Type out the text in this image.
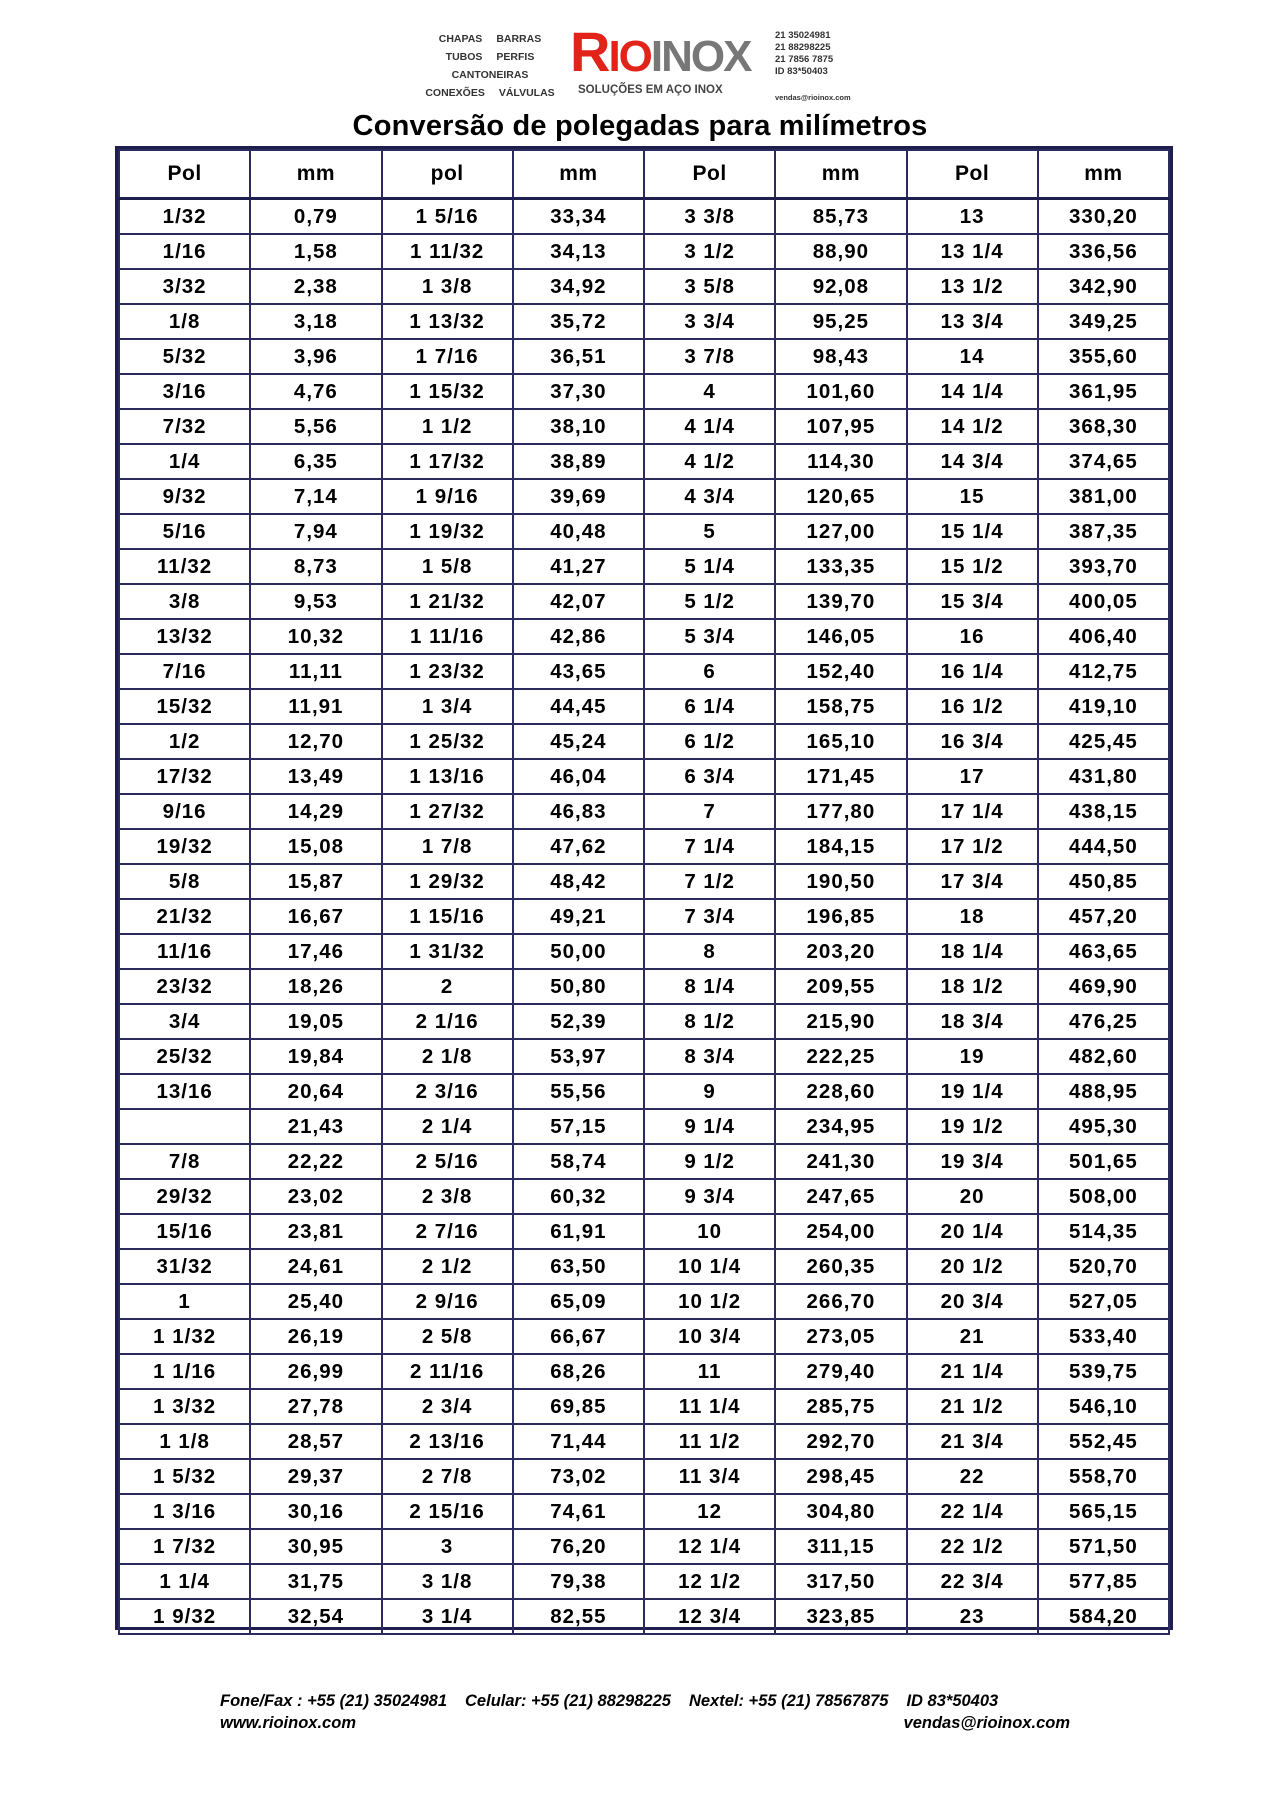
CHAPAS BARRAS
TUBOS PERFIS
CANTONEIRAS
CONEXÕES VÁLVULAS
RIOINOX
SOLUÇÕES EM AÇO INOX
21 35024981
21 88298225
21 7856 7875
ID 83*50403
vendas@rioinox.com
Conversão de polegadas para milímetros
Pol	mm	pol	mm	Pol	mm	Pol	mm
1/32	0,79	1 5/16	33,34	3 3/8	85,73	13	330,20
1/16	1,58	1 11/32	34,13	3 1/2	88,90	13 1/4	336,56
3/32	2,38	1 3/8	34,92	3 5/8	92,08	13 1/2	342,90
1/8	3,18	1 13/32	35,72	3 3/4	95,25	13 3/4	349,25
5/32	3,96	1 7/16	36,51	3 7/8	98,43	14	355,60
3/16	4,76	1 15/32	37,30	4	101,60	14 1/4	361,95
7/32	5,56	1 1/2	38,10	4 1/4	107,95	14 1/2	368,30
1/4	6,35	1 17/32	38,89	4 1/2	114,30	14 3/4	374,65
9/32	7,14	1 9/16	39,69	4 3/4	120,65	15	381,00
5/16	7,94	1 19/32	40,48	5	127,00	15 1/4	387,35
11/32	8,73	1 5/8	41,27	5 1/4	133,35	15 1/2	393,70
3/8	9,53	1 21/32	42,07	5 1/2	139,70	15 3/4	400,05
13/32	10,32	1 11/16	42,86	5 3/4	146,05	16	406,40
7/16	11,11	1 23/32	43,65	6	152,40	16 1/4	412,75
15/32	11,91	1 3/4	44,45	6 1/4	158,75	16 1/2	419,10
1/2	12,70	1 25/32	45,24	6 1/2	165,10	16 3/4	425,45
17/32	13,49	1 13/16	46,04	6 3/4	171,45	17	431,80
9/16	14,29	1 27/32	46,83	7	177,80	17 1/4	438,15
19/32	15,08	1 7/8	47,62	7 1/4	184,15	17 1/2	444,50
5/8	15,87	1 29/32	48,42	7 1/2	190,50	17 3/4	450,85
21/32	16,67	1 15/16	49,21	7 3/4	196,85	18	457,20
11/16	17,46	1 31/32	50,00	8	203,20	18 1/4	463,65
23/32	18,26	2	50,80	8 1/4	209,55	18 1/2	469,90
3/4	19,05	2 1/16	52,39	8 1/2	215,90	18 3/4	476,25
25/32	19,84	2 1/8	53,97	8 3/4	222,25	19	482,60
13/16	20,64	2 3/16	55,56	9	228,60	19 1/4	488,95
	21,43	2 1/4	57,15	9 1/4	234,95	19 1/2	495,30
7/8	22,22	2 5/16	58,74	9 1/2	241,30	19 3/4	501,65
29/32	23,02	2 3/8	60,32	9 3/4	247,65	20	508,00
15/16	23,81	2 7/16	61,91	10	254,00	20 1/4	514,35
31/32	24,61	2 1/2	63,50	10 1/4	260,35	20 1/2	520,70
1	25,40	2 9/16	65,09	10 1/2	266,70	20 3/4	527,05
1 1/32	26,19	2 5/8	66,67	10 3/4	273,05	21	533,40
1 1/16	26,99	2 11/16	68,26	11	279,40	21 1/4	539,75
1 3/32	27,78	2 3/4	69,85	11 1/4	285,75	21 1/2	546,10
1 1/8	28,57	2 13/16	71,44	11 1/2	292,70	21 3/4	552,45
1 5/32	29,37	2 7/8	73,02	11 3/4	298,45	22	558,70
1 3/16	30,16	2 15/16	74,61	12	304,80	22 1/4	565,15
1 7/32	30,95	3	76,20	12 1/4	311,15	22 1/2	571,50
1 1/4	31,75	3 1/8	79,38	12 1/2	317,50	22 3/4	577,85
1 9/32	32,54	3 1/4	82,55	12 3/4	323,85	23	584,20
Fone/Fax : +55 (21) 35024981 Celular: +55 (21) 88298225 Nextel: +55 (21) 78567875 ID 83*50403
www.rioinox.com	vendas@rioinox.com
